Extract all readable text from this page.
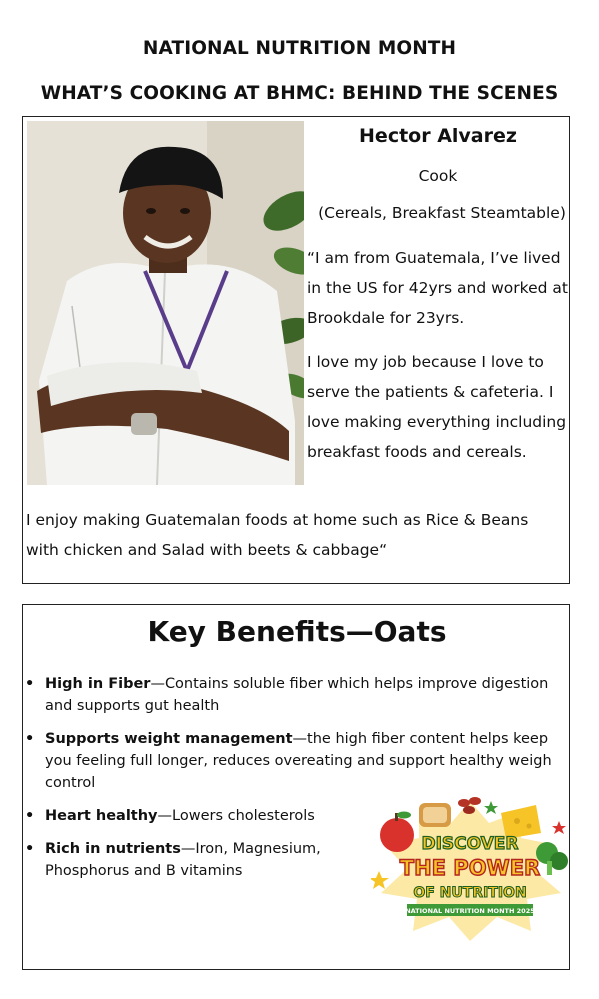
NATIONAL NUTRITION MONTH
WHAT’S COOKING AT BHMC: BEHIND THE SCENES
Hector Alvarez
Cook
(Cereals, Breakfast Steamtable)
“I am from Guatemala, I’ve lived in the US for 42yrs and worked at Brookdale for 23yrs.
I love my job because I love to serve the patients & cafeteria. I love making everything including breakfast foods and cereals.
I enjoy making Guatemalan foods at home such as Rice & Beans with chicken and Salad with beets & cabbage“
Key Benefits—Oats
• High in Fiber—Contains soluble fiber which helps improve digestion and supports gut health
• Supports weight management—the high fiber content helps keep you feeling full longer, reduces overeating and support healthy weigh control
• Heart healthy—Lowers cholesterols
• Rich in nutrients—Iron, Magnesium, Phosphorus and B vitamins
DISCOVER
THE POWER
OF NUTRITION
NATIONAL NUTRITION MONTH 2025
